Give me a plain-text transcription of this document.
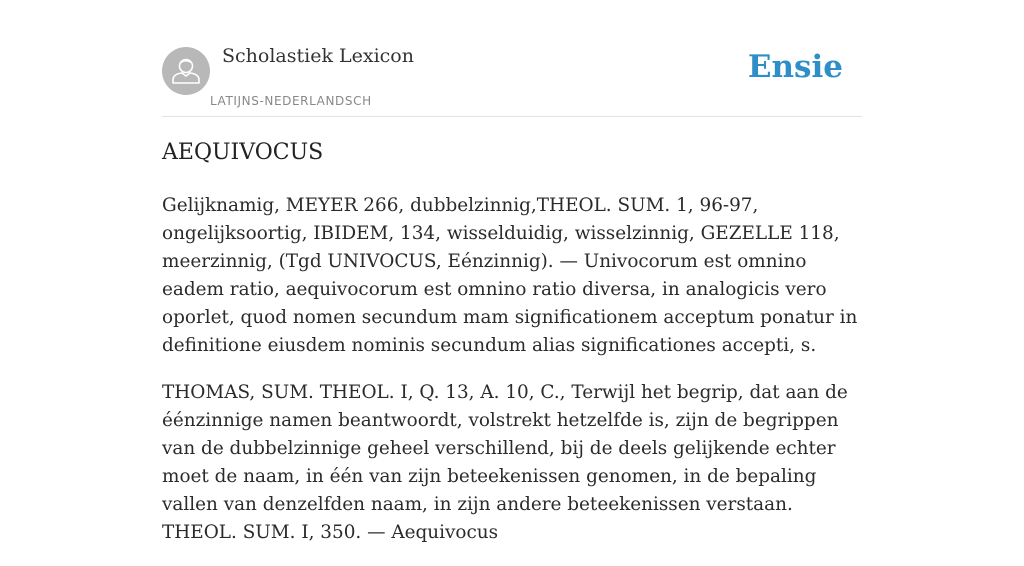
Scholastiek Lexicon
LATIJNS-NEDERLANDSCH
Ensie
AEQUIVOCUS

Gelijknamig, MEYER 266, dubbelzinnig,THEOL. SUM. 1, 96-97, ongelijksoortig, IBIDEM, 134, wisselduidig, wisselzinnig, GEZELLE 118, meerzinnig, (Tgd UNIVOCUS, Eénzinnig). — Univocorum est omnino eadem ratio, aequivocorum est omnino ratio diversa, in analogicis vero oporlet, quod nomen secundum mam significationem acceptum ponatur in definitione eiusdem nominis secundum alias significationes accepti, s.

THOMAS, SUM. THEOL. I, Q. 13, A. 10, C., Terwijl het begrip, dat aan de éénzinnige namen beantwoordt, volstrekt hetzelfde is, zijn de begrippen van de dubbelzinnige geheel verschillend, bij de deels gelijkende echter moet de naam, in één van zijn beteekenissen genomen, in de bepaling vallen van denzelfden naam, in zijn andere beteekenissen verstaan. THEOL. SUM. I, 350. — Aequivocus
